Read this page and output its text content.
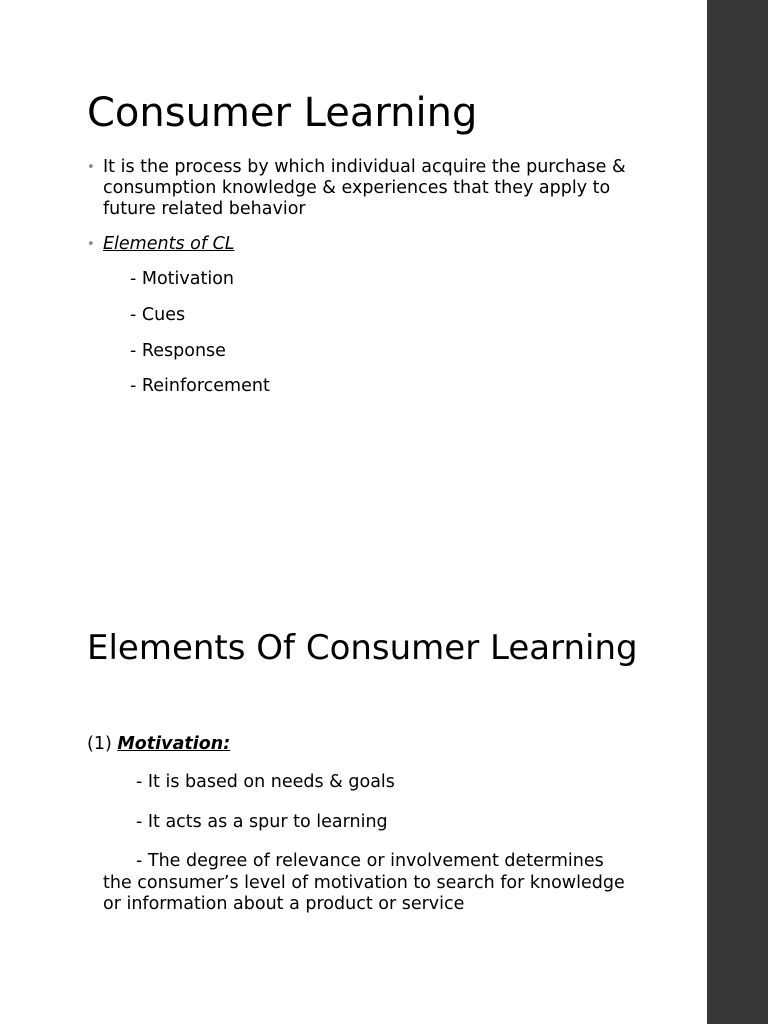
Consumer Learning
• It is the process by which individual acquire the purchase & consumption knowledge & experiences that they apply to future related behavior
• Elements of CL
- Motivation
- Cues
- Response
- Reinforcement
Elements Of Consumer Learning
(1) Motivation:
- It is based on needs & goals
- It acts as a spur to learning
- The degree of relevance or involvement determines the consumer’s level of motivation to search for knowledge or information about a product or service
